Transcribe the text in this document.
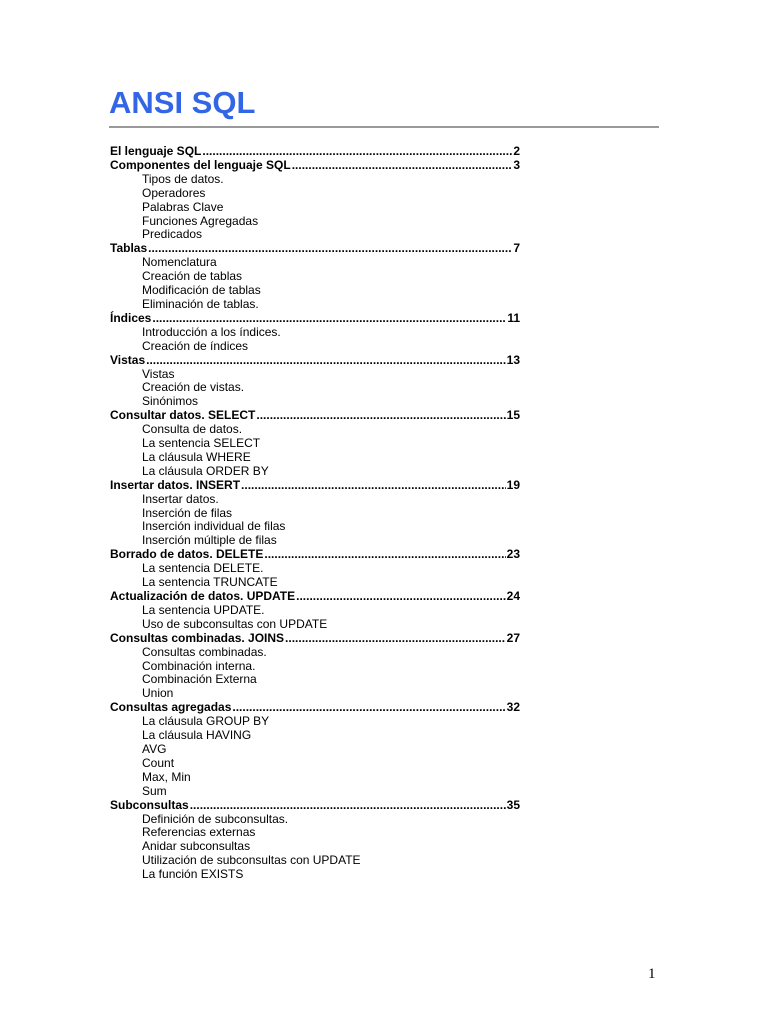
ANSI SQL
El lenguaje SQL .....	2
Componentes del lenguaje SQL .....	3
Tipos de datos.
Operadores
Palabras Clave
Funciones Agregadas
Predicados
Tablas .....	7
Nomenclatura
Creación de tablas
Modificación de tablas
Eliminación de tablas.
Índices .....	11
Introducción a los índices.
Creación de índices
Vistas .....	13
Vistas
Creación de vistas.
Sinónimos
Consultar datos. SELECT .....	15
Consulta de datos.
La sentencia SELECT
La cláusula WHERE
La cláusula ORDER BY
Insertar datos. INSERT .....	19
Insertar datos.
Inserción de filas
Inserción individual de filas
Inserción múltiple de filas
Borrado de datos. DELETE .....	23
La sentencia DELETE.
La sentencia TRUNCATE
Actualización de datos. UPDATE .....	24
La sentencia UPDATE.
Uso de subconsultas con UPDATE
Consultas combinadas. JOINS .....	27
Consultas combinadas.
Combinación interna.
Combinación Externa
Union
Consultas agregadas .....	32
La cláusula GROUP BY
La cláusula HAVING
AVG
Count
Max, Min
Sum
Subconsultas .....	35
Definición de subconsultas.
Referencias externas
Anidar subconsultas
Utilización de subconsultas con UPDATE
La función EXISTS
1
